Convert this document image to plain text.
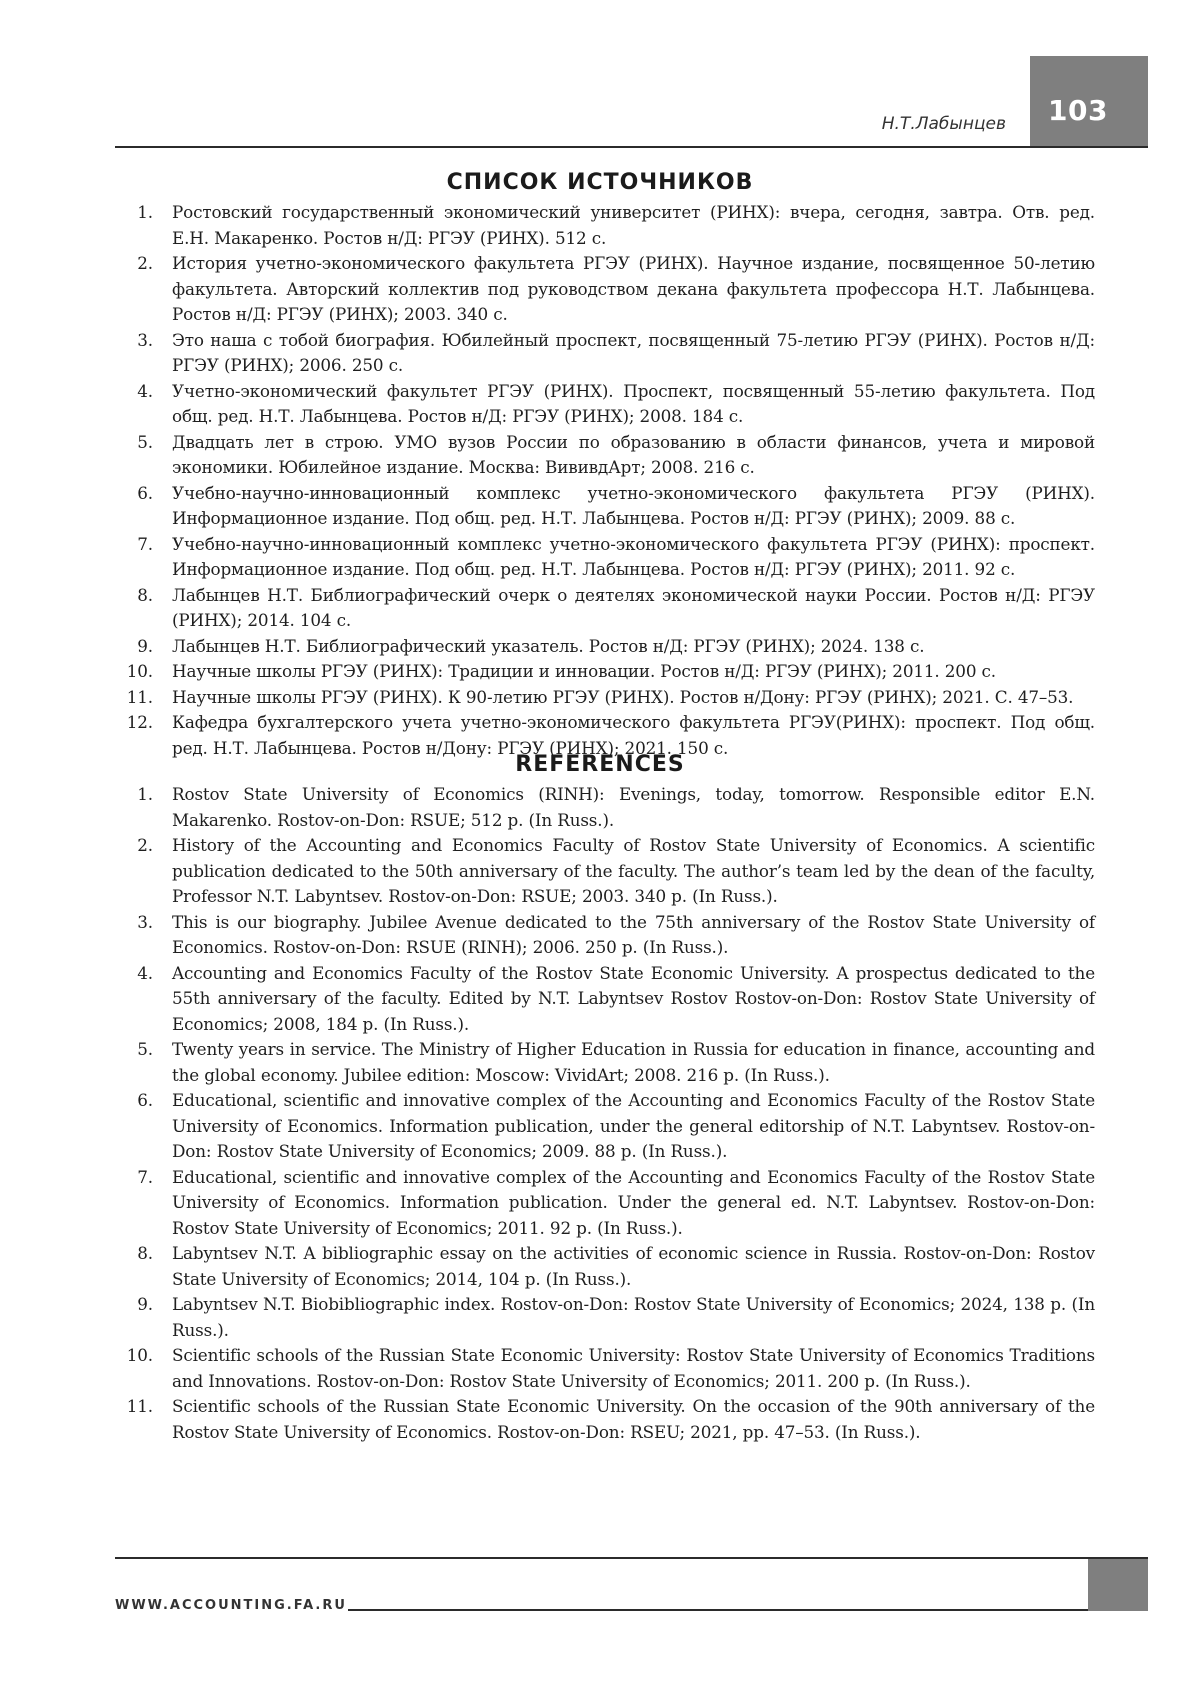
103
Н.Т.Лабынцев
СПИСОК ИСТОЧНИКОВ
1. Ростовский государственный экономический университет (РИНХ): вчера, сегодня, завтра. Отв. ред. Е.Н. Макаренко. Ростов н/Д: РГЭУ (РИНХ). 512 с.
2. История учетно-экономического факультета РГЭУ (РИНХ). Научное издание, посвященное 50-летию факультета. Авторский коллектив под руководством декана факультета профессора Н.Т. Лабынцева. Ростов н/Д: РГЭУ (РИНХ); 2003. 340 с.
3. Это наша с тобой биография. Юбилейный проспект, посвященный 75-летию РГЭУ (РИНХ). Ростов н/Д: РГЭУ (РИНХ); 2006. 250 с.
4. Учетно-экономический факультет РГЭУ (РИНХ). Проспект, посвященный 55-летию факультета. Под общ. ред. Н.Т. Лабынцева. Ростов н/Д: РГЭУ (РИНХ); 2008. 184 с.
5. Двадцать лет в строю. УМО вузов России по образованию в области финансов, учета и мировой экономики. Юбилейное издание. Москва: ВививдАрт; 2008. 216 с.
6. Учебно-научно-инновационный комплекс учетно-экономического факультета РГЭУ (РИНХ). Информационное издание. Под общ. ред. Н.Т. Лабынцева. Ростов н/Д: РГЭУ (РИНХ); 2009. 88 с.
7. Учебно-научно-инновационный комплекс учетно-экономического факультета РГЭУ (РИНХ): проспект. Информационное издание. Под общ. ред. Н.Т. Лабынцева. Ростов н/Д: РГЭУ (РИНХ); 2011. 92 с.
8. Лабынцев Н.Т. Библиографический очерк о деятелях экономической науки России. Ростов н/Д: РГЭУ (РИНХ); 2014. 104 с.
9. Лабынцев Н.Т. Библиографический указатель. Ростов н/Д: РГЭУ (РИНХ); 2024. 138 с.
10. Научные школы РГЭУ (РИНХ): Традиции и инновации. Ростов н/Д: РГЭУ (РИНХ); 2011. 200 с.
11. Научные школы РГЭУ (РИНХ). К 90-летию РГЭУ (РИНХ). Ростов н/Дону: РГЭУ (РИНХ); 2021. С. 47–53.
12. Кафедра бухгалтерского учета учетно-экономического факультета РГЭУ(РИНХ): проспект. Под общ. ред. Н.Т. Лабынцева. Ростов н/Дону: РГЭУ (РИНХ); 2021. 150 с.
REFERENCES
1. Rostov State University of Economics (RINH): Evenings, today, tomorrow. Responsible editor E.N. Makarenko. Rostov-on-Don: RSUE; 512 p. (In Russ.).
2. History of the Accounting and Economics Faculty of Rostov State University of Economics. A scientific publication dedicated to the 50th anniversary of the faculty. The author’s team led by the dean of the faculty, Professor N.T. Labyntsev. Rostov-on-Don: RSUE; 2003. 340 p. (In Russ.).
3. This is our biography. Jubilee Avenue dedicated to the 75th anniversary of the Rostov State University of Economics. Rostov-on-Don: RSUE (RINH); 2006. 250 p. (In Russ.).
4. Accounting and Economics Faculty of the Rostov State Economic University. A prospectus dedicated to the 55th anniversary of the faculty. Edited by N.T. Labyntsev Rostov Rostov-on-Don: Rostov State University of Economics; 2008, 184 p. (In Russ.).
5. Twenty years in service. The Ministry of Higher Education in Russia for education in finance, accounting and the global economy. Jubilee edition: Moscow: VividArt; 2008. 216 p. (In Russ.).
6. Educational, scientific and innovative complex of the Accounting and Economics Faculty of the Rostov State University of Economics. Information publication, under the general editorship of N.T. Labyntsev. Rostov-on-Don: Rostov State University of Economics; 2009. 88 p. (In Russ.).
7. Educational, scientific and innovative complex of the Accounting and Economics Faculty of the Rostov State University of Economics. Information publication. Under the general ed. N.T. Labyntsev. Rostov-on-Don: Rostov State University of Economics; 2011. 92 p. (In Russ.).
8. Labyntsev N.T. A bibliographic essay on the activities of economic science in Russia. Rostov-on-Don: Rostov State University of Economics; 2014, 104 p. (In Russ.).
9. Labyntsev N.T. Biobibliographic index. Rostov-on-Don: Rostov State University of Economics; 2024, 138 p. (In Russ.).
10. Scientific schools of the Russian State Economic University: Rostov State University of Economics Traditions and Innovations. Rostov-on-Don: Rostov State University of Economics; 2011. 200 p. (In Russ.).
11. Scientific schools of the Russian State Economic University. On the occasion of the 90th anniversary of the Rostov State University of Economics. Rostov-on-Don: RSEU; 2021, pp. 47–53. (In Russ.).
WWW.ACCOUNTING.FA.RU
